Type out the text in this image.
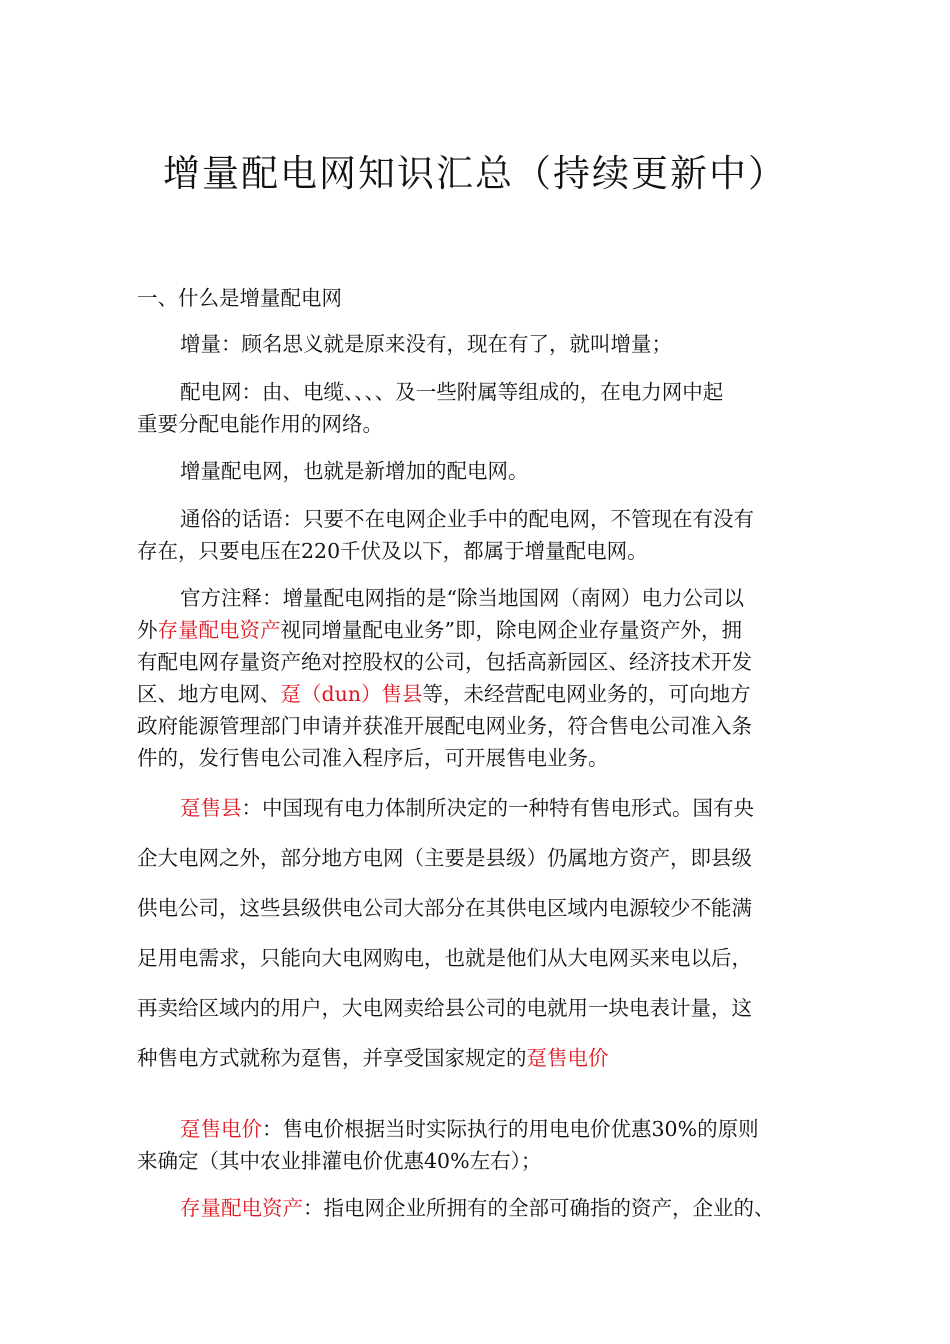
增量配电网知识汇总（持续更新中）

一、什么是增量配电网

增量：顾名思义就是原来没有，现在有了，就叫增量；

配电网：由、电缆、、、、及一些附属等组成的，在电力网中起

重要分配电能作用的网络。

增量配电网，也就是新增加的配电网。

通俗的话语：只要不在电网企业手中的配电网，不管现在有没有

存在，只要电压在220千伏及以下，都属于增量配电网。

官方注释：增量配电网指的是“除当地国网（南网）电力公司以

外存量配电资产视同增量配电业务”即，除电网企业存量资产外，拥

有配电网存量资产绝对控股权的公司，包括高新园区、经济技术开发

区、地方电网、趸（dun）售县等，未经营配电网业务的，可向地方

政府能源管理部门申请并获准开展配电网业务，符合售电公司准入条

件的，发行售电公司准入程序后，可开展售电业务。

趸售县：中国现有电力体制所决定的一种特有售电形式。国有央

企大电网之外，部分地方电网（主要是县级）仍属地方资产，即县级

供电公司，这些县级供电公司大部分在其供电区域内电源较少不能满

足用电需求，只能向大电网购电，也就是他们从大电网买来电以后，

再卖给区域内的用户，大电网卖给县公司的电就用一块电表计量，这

种售电方式就称为趸售，并享受国家规定的趸售电价

趸售电价：售电价根据当时实际执行的用电电价优惠30%的原则

来确定（其中农业排灌电价优惠40%左右）；

存量配电资产：指电网企业所拥有的全部可确指的资产，企业的、
